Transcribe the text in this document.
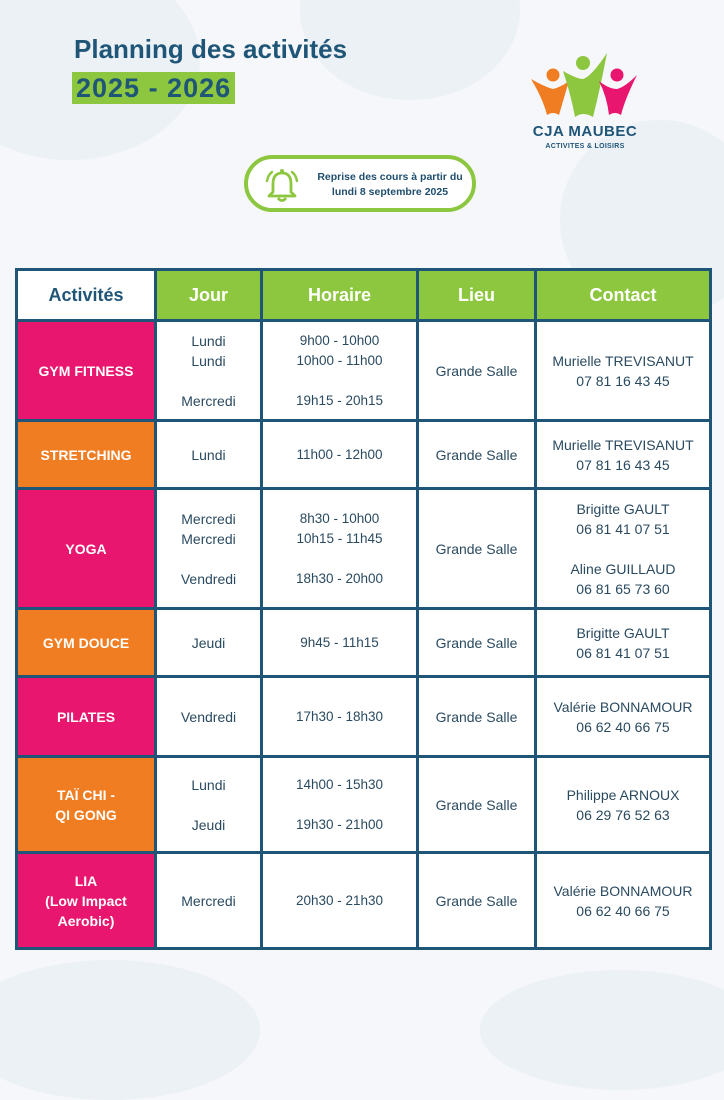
Planning des activités
2025 - 2026
CJA MAUBEC
ACTIVITES & LOISIRS
Reprise des cours à partir du
lundi 8 septembre 2025
Activités	Jour	Horaire	Lieu	Contact

GYM FITNESS	Lundi
Lundi
Mercredi	9h00 - 10h00
10h00 - 11h00
19h15 - 20h15	Grande Salle	Murielle TREVISANUT
07 81 16 43 45

STRETCHING	Lundi	11h00 - 12h00	Grande Salle	Murielle TREVISANUT
07 81 16 43 45

YOGA	Mercredi
Mercredi
Vendredi	8h30 - 10h00
10h15 - 11h45
18h30 - 20h00	Grande Salle	Brigitte GAULT
06 81 41 07 51
Aline GUILLAUD
06 81 65 73 60

GYM DOUCE	Jeudi	9h45 - 11h15	Grande Salle	Brigitte GAULT
06 81 41 07 51

PILATES	Vendredi	17h30 - 18h30	Grande Salle	Valérie BONNAMOUR
06 62 40 66 75

TAÏ CHI -
QI GONG	Lundi
Jeudi	14h00 - 15h30
19h30 - 21h00	Grande Salle	Philippe ARNOUX
06 29 76 52 63

LIA
(Low Impact
Aerobic)	Mercredi	20h30 - 21h30	Grande Salle	Valérie BONNAMOUR
06 62 40 66 75
